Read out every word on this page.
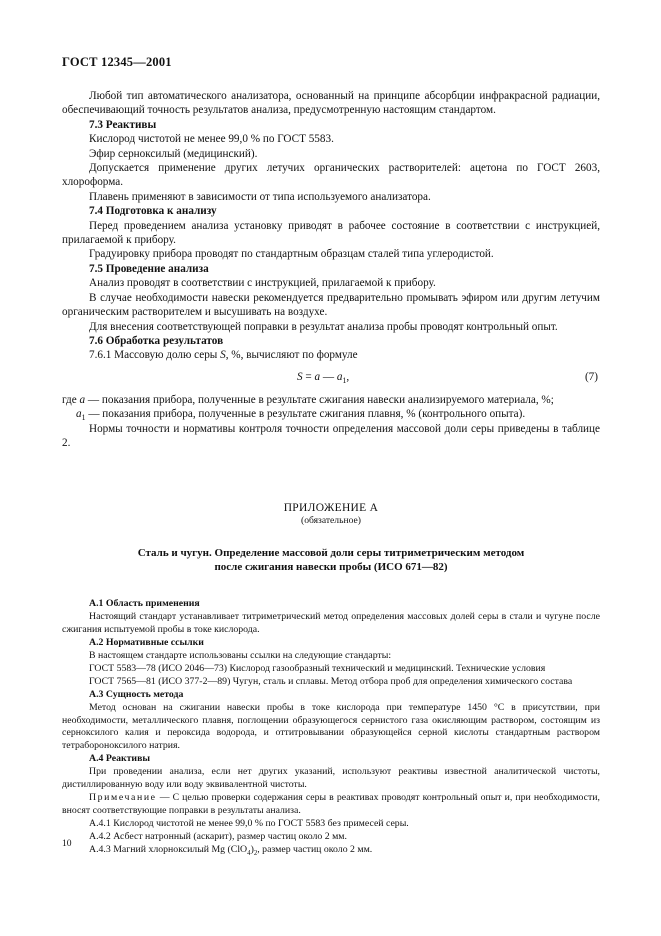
ГОСТ 12345—2001

Любой тип автоматического анализатора, основанный на принципе абсорбции инфракрасной радиации, обеспечивающий точность результатов анализа, предусмотренную настоящим стандартом.

7.3 Реактивы

Кислород чистотой не менее 99,0 % по ГОСТ 5583.

Эфир серноксилый (медицинский).

Допускается применение других летучих органических растворителей: ацетона по ГОСТ 2603, хлороформа.

Плавень применяют в зависимости от типа используемого анализатора.

7.4 Подготовка к анализу

Перед проведением анализа установку приводят в рабочее состояние в соответствии с инструкцией, прилагаемой к прибору.

Градуировку прибора проводят по стандартным образцам сталей типа углеродистой.

7.5 Проведение анализа

Анализ проводят в соответствии с инструкцией, прилагаемой к прибору.

В случае необходимости навески рекомендуется предварительно промывать эфиром или другим летучим органическим растворителем и высушивать на воздухе.

Для внесения соответствующей поправки в результат анализа пробы проводят контрольный опыт.

7.6 Обработка результатов

7.6.1 Массовую долю серы S, %, вычисляют по формуле

S = a — $a_1$,	(7)

где a — показания прибора, полученные в результате сжигания навески анализируемого материала, %;

$a_1$ — показания прибора, полученные в результате сжигания плавня, % (контрольного опыта).

Нормы точности и нормативы контроля точности определения массовой доли серы приведены в таблице 2.

ПРИЛОЖЕНИЕ А
(обязательное)
Сталь и чугун. Определение массовой доли серы титриметрическим методом
после сжигания навески пробы (ИСО 671—82)

А.1 Область применения

Настоящий стандарт устанавливает титриметрический метод определения массовых долей серы в стали и чугуне после сжигания испытуемой пробы в токе кислорода.

А.2 Нормативные ссылки

В настоящем стандарте использованы ссылки на следующие стандарты:

ГОСТ 5583—78 (ИСО 2046—73) Кислород газообразный технический и медицинский. Технические условия

ГОСТ 7565—81 (ИСО 377-2—89) Чугун, сталь и сплавы. Метод отбора проб для определения химического состава

А.3 Сущность метода

Метод основан на сжигании навески пробы в токе кислорода при температуре 1450 °С в присутствии, при необходимости, металлического плавня, поглощении образующегося сернистого газа окисляющим раствором, состоящим из серноксилого калия и пероксида водорода, и оттитровывании образующейся серной кислоты стандартным раствором тетрабороноксилого натрия.

А.4 Реактивы

При проведении анализа, если нет других указаний, используют реактивы известной аналитической чистоты, дистиллированную воду или воду эквивалентной чистоты.

Примечание — С целью проверки содержания серы в реактивах проводят контрольный опыт и, при необходимости, вносят соответствующие поправки в результаты анализа.

А.4.1 Кислород чистотой не менее 99,0 % по ГОСТ 5583 без примесей серы.

А.4.2 Асбест натронный (аскарит), размер частиц около 2 мм.

А.4.3 Магний хлорноксилый Mg $(ClO_4)_2$, размер частиц около 2 мм.

10
